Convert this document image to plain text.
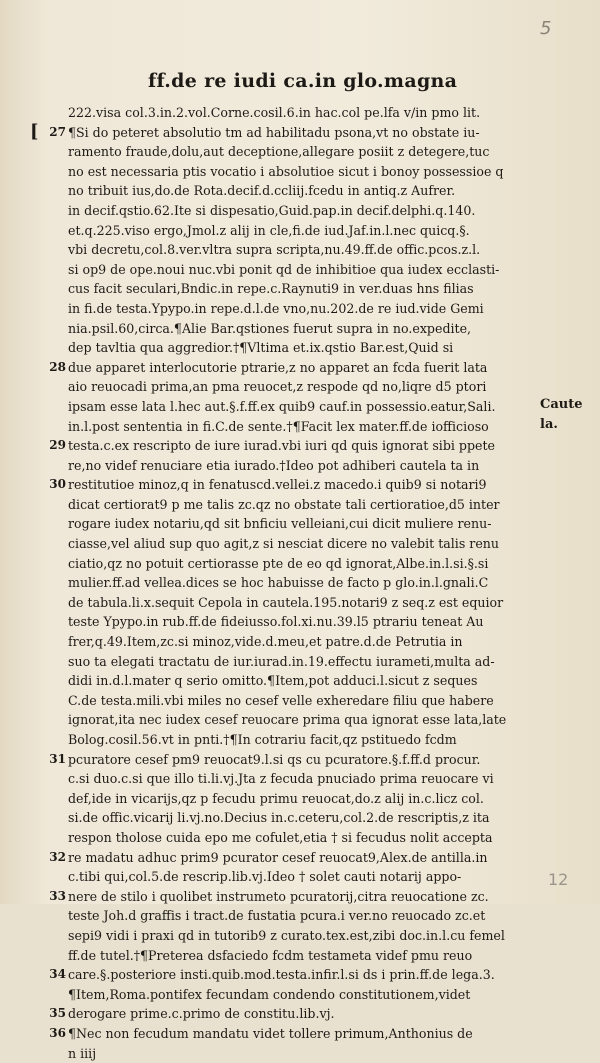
5
ff.de re iudi ca.in glo.magna
[
222.visa col.3.in.2.vol.Corne.cosil.6.in hac.col pe.lfa v/in pmo lit.
27 ¶Si do peteret absolutio tm ad habilitadu psona,vt no obstate iu-
ramento fraude,dolu,aut deceptione,allegare posiit z detegere,tuc
no est necessaria ptis vocatio i absolutioe sicut i bonoy possessioe q
no tribuit ius,do.de Rota.decif.d.ccliij.fcedu in antiq.z Aufrer.
in decif.qstio.62.Ite si dispesatio,Guid.pap.in decif.delphi.q.140.
et.q.225.viso ergo,Jmol.z alij in cle,fi.de iud.Jaf.in.l.nec quicq.§.
vbi decretu,col.8.ver.vltra supra scripta,nu.49.ff.de offic.pcos.z.l.
si op9 de ope.noui nuc.vbi ponit qd de inhibitioe qua iudex ecclasti-
cus facit seculari,Bndic.in repe.c.Raynuti9 in ver.duas hns filias
in fi.de testa.Ypypo.in repe.d.l.de vno,nu.202.de re iud.vide Gemi
nia.psil.60,circa.¶Alie Bar.qstiones fuerut supra in no.expedite,
dep tavltia qua aggredior.†¶Vltima et.ix.qstio Bar.est,Quid si
28 due apparet interlocutorie ptrarie,z no apparet an fcda fuerit lata
aio reuocadi prima,an pma reuocet,z respode qd no,liqre d5 ptori
ipsam esse lata l.hec aut.§.f.ff.ex quib9 cauf.in possessio.eatur,Sali.
in.l.post sententia in fi.C.de sente.†¶Facit lex mater.ff.de iofficioso
29 testa.c.ex rescripto de iure iurad.vbi iuri qd quis ignorat sibi ppete
re,no videf renuciare etia iurado.†Ideo pot adhiberi cautela ta in
30 restitutioe minoz,q in fenatuscd.vellei.z macedo.i quib9 si notari9
dicat certiorat9 p me talis zc.qz no obstate tali certioratioe,d5 inter
rogare iudex notariu,qd sit bnficiu velleiani,cui dicit muliere renu-
ciasse,vel aliud sup quo agit,z si nesciat dicere no valebit talis renu
ciatio,qz no potuit certiorasse pte de eo qd ignorat,Albe.in.l.si.§.si
mulier.ff.ad vellea.dices se hoc habuisse de facto p glo.in.l.gnali.C
de tabula.li.x.sequit Cepola in cautela.195.notari9 z seq.z est equior
teste Ypypo.in rub.ff.de fideiusso.fol.xi.nu.39.l5 ptrariu teneat Au
frer,q.49.Item,zc.si minoz,vide.d.meu,et patre.d.de Petrutia in
suo ta elegati tractatu de iur.iurad.in.19.effectu iurameti,multa ad-
didi in.d.l.mater q serio omitto.¶Item,pot adduci.l.sicut z seques
C.de testa.mili.vbi miles no cesef velle exheredare filiu que habere
ignorat,ita nec iudex cesef reuocare prima qua ignorat esse lata,late
Bolog.cosil.56.vt in pnti.†¶In cotrariu facit,qz pstituedo fcdm
31 pcuratore cesef pm9 reuocat9.l.si qs cu pcuratore.§.f.ff.d procur.
c.si duo.c.si que illo ti.li.vj.Jta z fecuda pnuciado prima reuocare vi
def,ide in vicarijs,qz p fecudu primu reuocat,do.z alij in.c.licz col.
si.de offic.vicarij li.vj.no.Decius in.c.ceteru,col.2.de rescriptis,z ita
respon tholose cuida epo me cofulet,etia † si fecudus nolit accepta
32 re madatu adhuc prim9 pcurator cesef reuocat9,Alex.de antilla.in
c.tibi qui,col.5.de rescrip.lib.vj.Ideo † solet cauti notarij appo-
33 nere de stilo i quolibet instrumeto pcuratorij,citra reuocatione zc.
teste Joh.d graffis i tract.de fustatia pcura.i ver.no reuocado zc.et
sepi9 vidi i praxi qd in tutorib9 z curato.tex.est,zibi doc.in.l.cu femel
ff.de tutel.†¶Preterea dsfaciedo fcdm testameta videf pmu reuo
34 care.§.posteriore insti.quib.mod.testa.infir.l.si ds i prin.ff.de lega.3.
¶Item,Roma.pontifex fecundam condendo constitutionem,videt
35 derogare prime.c.primo de constitu.lib.vj.
36 ¶Nec non fecudum mandatu videt tollere primum,Anthonius de
n iiij
Caute
la.
12
